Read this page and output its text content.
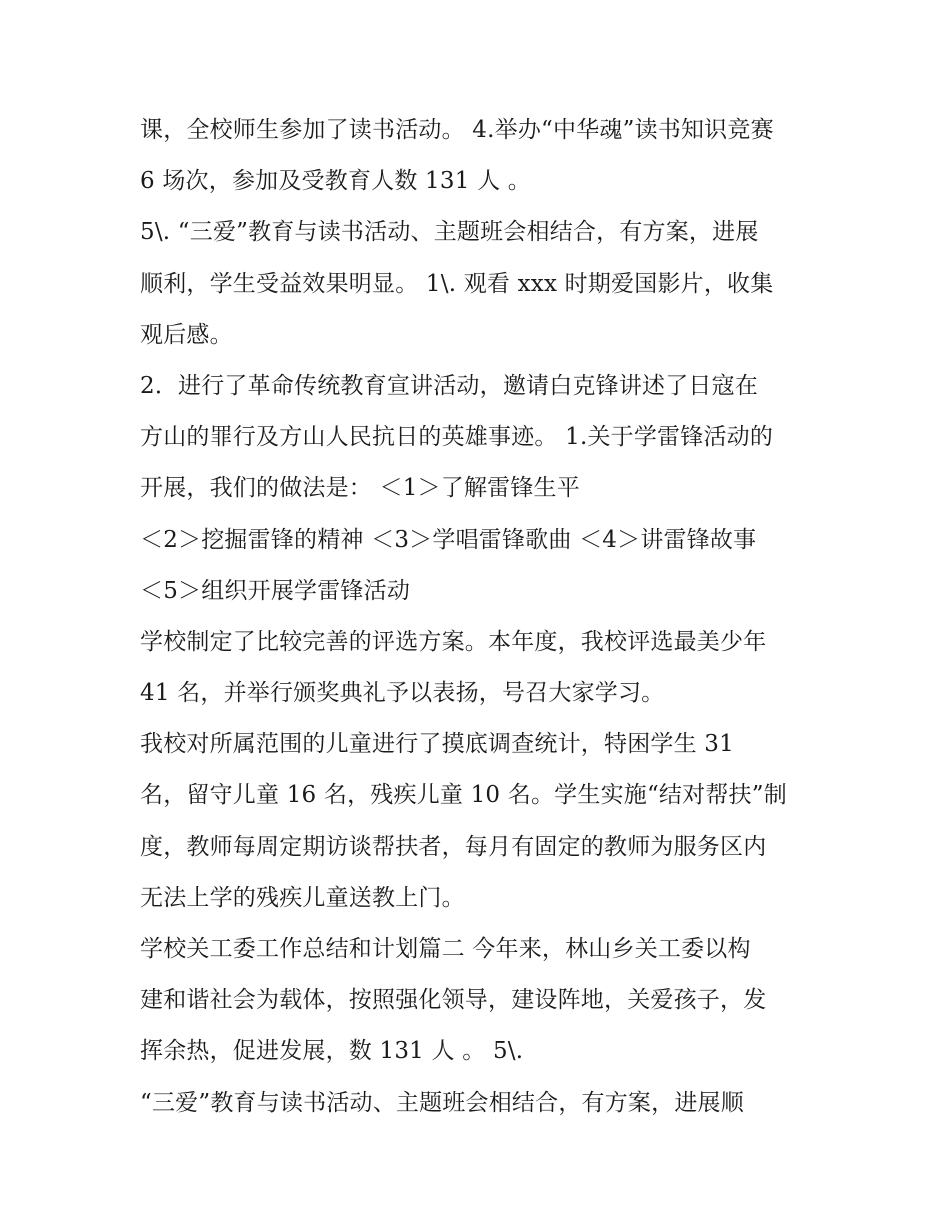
课，全校师生参加了读书活动。 4.举办“中华魂”读书知识竞赛
6 场次，参加及受教育人数 131 人 。
5\. “三爱”教育与读书活动、主题班会相结合，有方案，进展
顺利，学生受益效果明显。 1\. 观看 xxx 时期爱国影片，收集
观后感。
2．进行了革命传统教育宣讲活动，邀请白克锋讲述了日寇在
方山的罪行及方山人民抗日的英雄事迹。 1.关于学雷锋活动的
开展，我们的做法是： ＜1＞了解雷锋生平
＜2＞挖掘雷锋的精神 ＜3＞学唱雷锋歌曲 ＜4＞讲雷锋故事
＜5＞组织开展学雷锋活动
学校制定了比较完善的评选方案。本年度，我校评选最美少年
41 名，并举行颁奖典礼予以表扬，号召大家学习。
我校对所属范围的儿童进行了摸底调查统计，特困学生 31
名，留守儿童 16 名，残疾儿童 10 名。学生实施“结对帮扶”制
度，教师每周定期访谈帮扶者，每月有固定的教师为服务区内
无法上学的残疾儿童送教上门。
学校关工委工作总结和计划篇二 今年来，林山乡关工委以构
建和谐社会为载体，按照强化领导，建设阵地，关爱孩子，发
挥余热，促进发展，数 131 人 。 5\.
“三爱”教育与读书活动、主题班会相结合，有方案，进展顺
